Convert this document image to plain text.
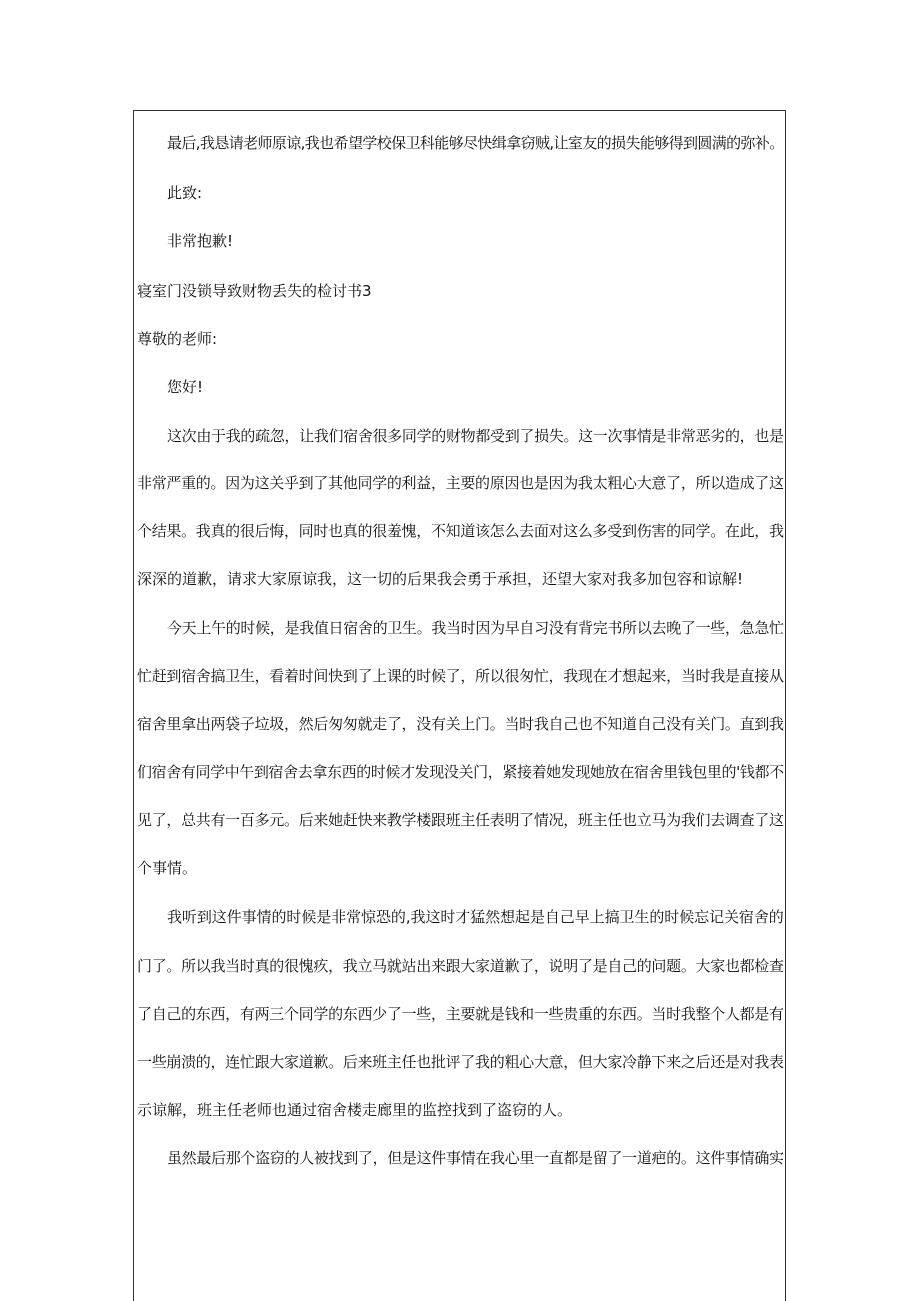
最后,我恳请老师原谅,我也希望学校保卫科能够尽快缉拿窃贼,让室友的损失能够得到圆满的弥补。
此致:
非常抱歉!
寝室门没锁导致财物丢失的检讨书3
尊敬的老师:
您好!
这次由于我的疏忽，让我们宿舍很多同学的财物都受到了损失。这一次事情是非常恶劣的，也是
非常严重的。因为这关乎到了其他同学的利益，主要的原因也是因为我太粗心大意了，所以造成了这
个结果。我真的很后悔，同时也真的很羞愧，不知道该怎么去面对这么多受到伤害的同学。在此，我
深深的道歉，请求大家原谅我，这一切的后果我会勇于承担，还望大家对我多加包容和谅解!
今天上午的时候，是我值日宿舍的卫生。我当时因为早自习没有背完书所以去晚了一些，急急忙
忙赶到宿舍搞卫生，看着时间快到了上课的时候了，所以很匆忙，我现在才想起来，当时我是直接从
宿舍里拿出两袋子垃圾，然后匆匆就走了，没有关上门。当时我自己也不知道自己没有关门。直到我
们宿舍有同学中午到宿舍去拿东西的时候才发现没关门，紧接着她发现她放在宿舍里钱包里的'钱都不
见了，总共有一百多元。后来她赶快来教学楼跟班主任表明了情况，班主任也立马为我们去调查了这
个事情。
我听到这件事情的时候是非常惊恐的,我这时才猛然想起是自己早上搞卫生的时候忘记关宿舍的
门了。所以我当时真的很愧疚，我立马就站出来跟大家道歉了，说明了是自己的问题。大家也都检查
了自己的东西，有两三个同学的东西少了一些，主要就是钱和一些贵重的东西。当时我整个人都是有
一些崩溃的，连忙跟大家道歉。后来班主任也批评了我的粗心大意，但大家冷静下来之后还是对我表
示谅解，班主任老师也通过宿舍楼走廊里的监控找到了盗窃的人。
虽然最后那个盗窃的人被找到了，但是这件事情在我心里一直都是留了一道疤的。这件事情确实
